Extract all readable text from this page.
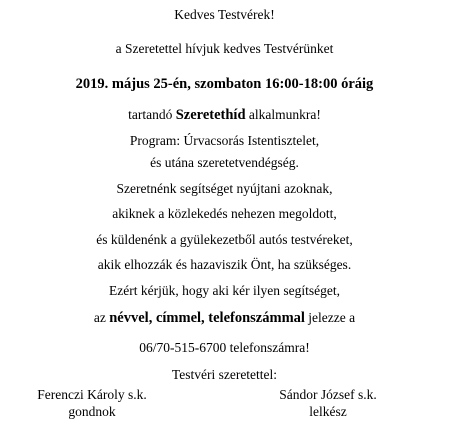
Kedves Testvérek!
a Szeretettel hívjuk kedves Testvérünket
2019. május 25-én, szombaton 16:00-18:00 óráig
tartandó Szeretethíd alkalmunkra!
Program: Úrvacsorás Istentisztelet,
és utána szeretetvendégség.
Szeretnénk segítséget nyújtani azoknak,
akiknek a közlekedés nehezen megoldott,
és küldenénk a gyülekezetből autós testvéreket,
akik elhozzák és hazaviszik Önt, ha szükséges.
Ezért kérjük, hogy aki kér ilyen segítséget,
az névvel, címmel, telefonszámmal jelezze a
06/70-515-6700 telefonszámra!
Testvéri szeretettel:
Ferenczi Károly s.k.
gondnok
Sándor József s.k.
lelkész
